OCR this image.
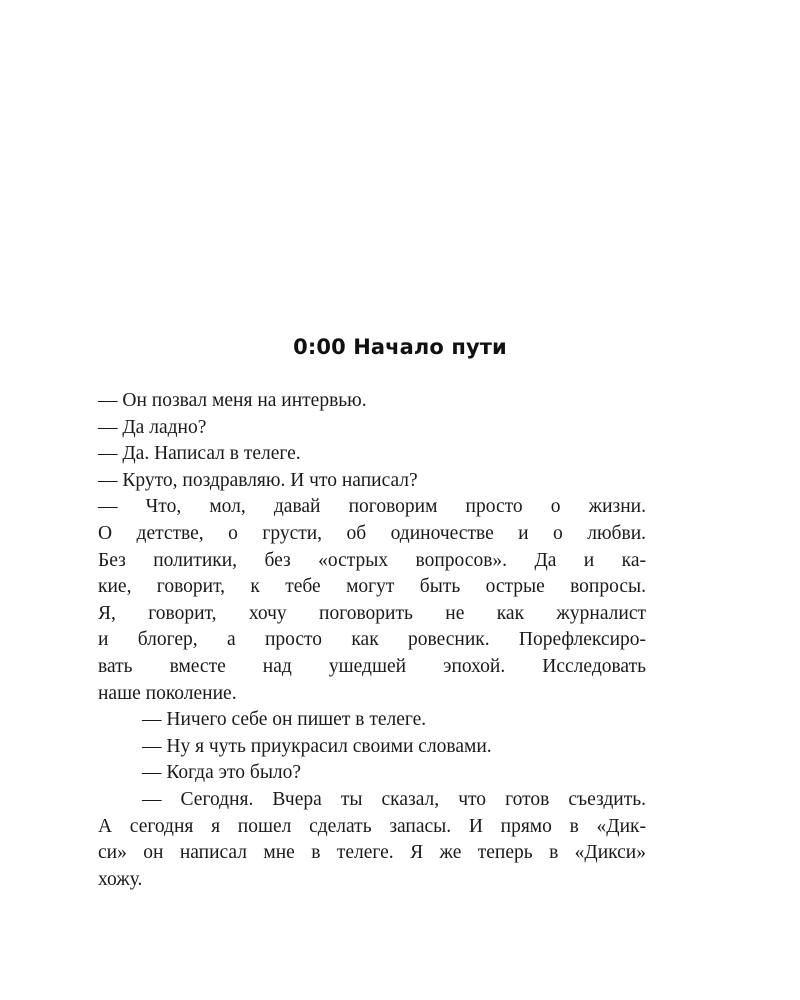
0:00 Начало пути
— Он позвал меня на интервью.
— Да ладно?
— Да. Написал в телеге.
— Круто, поздравляю. И что написал?
— Что, мол, давай поговорим просто о жизни.
О детстве, о грусти, об одиночестве и о любви.
Без политики, без «острых вопросов». Да и ка-
кие, говорит, к тебе могут быть острые вопросы.
Я, говорит, хочу поговорить не как журналист
и блогер, а просто как ровесник. Порефлексиро-
вать вместе над ушедшей эпохой. Исследовать
наше поколение.
— Ничего себе он пишет в телеге.
— Ну я чуть приукрасил своими словами.
— Когда это было?
— Сегодня. Вчера ты сказал, что готов съездить.
А сегодня я пошел сделать запасы. И прямо в «Дик-
си» он написал мне в телеге. Я же теперь в «Дикси»
хожу.
